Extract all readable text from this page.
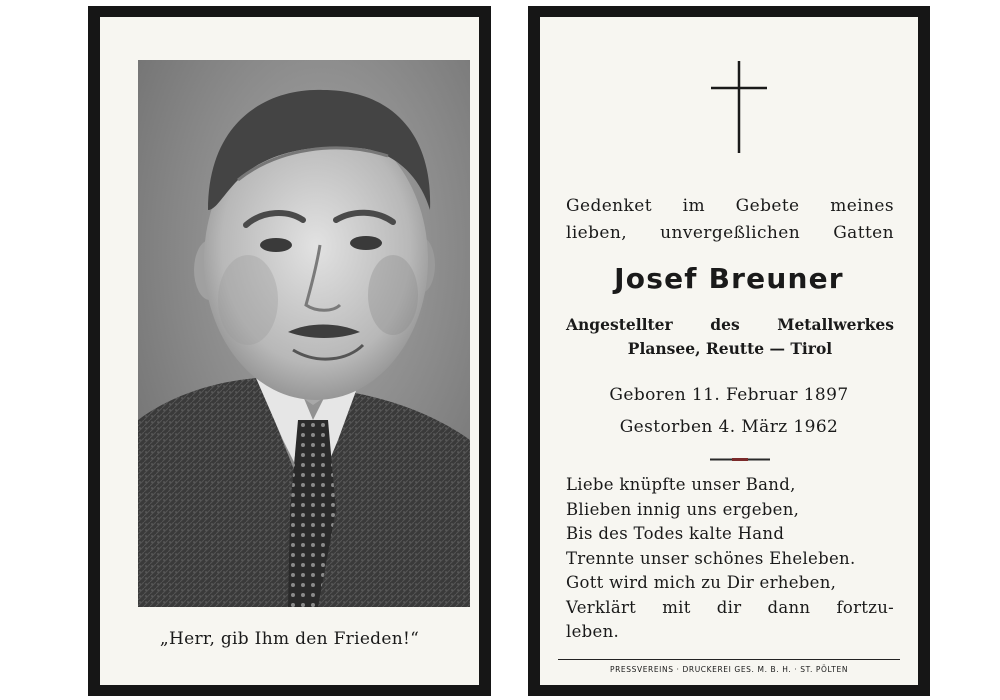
„Herr, gib Ihm den Frieden!“
Gedenket im Gebete meines
lieben, unvergeßlichen Gatten
Josef Breuner
Angestellter des Metallwerkes
Plansee, Reutte — Tirol
Geboren 11. Februar 1897
Gestorben 4. März 1962
Liebe knüpfte unser Band,
Blieben innig uns ergeben,
Bis des Todes kalte Hand
Trennte unser schönes Eheleben.
Gott wird mich zu Dir erheben,
Verklärt mit dir dann fortzu-
leben.
PRESSVEREINS · DRUCKEREI GES. M. B. H. · ST. PÖLTEN
